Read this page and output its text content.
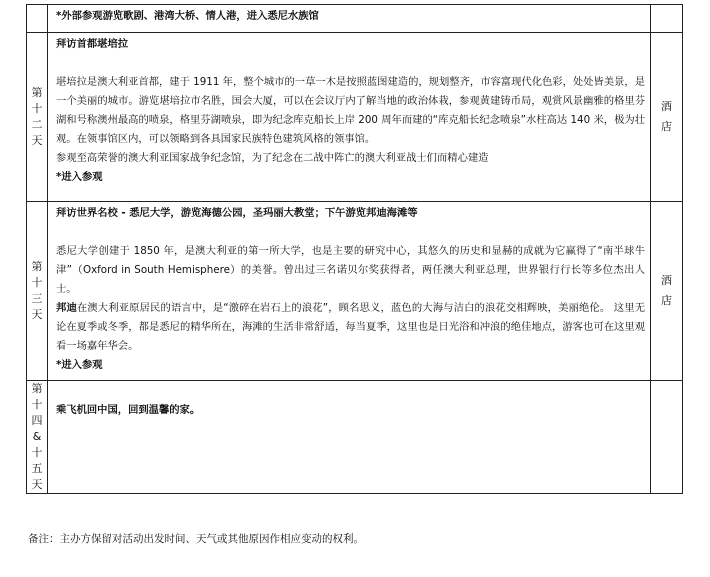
	*外部参观游览歌剧、港湾大桥、情人港，进入悉尼水族馆	

第十二天	拜访首都堪培拉

堪培拉是澳大利亚首都，建于 1911 年，整个城市的一草一木是按照蓝图建造的，规划整齐，市容富现代化色彩，处处皆美景，是一个美丽的城市。游览堪培拉市名胜，国会大厦，可以在会议厅内了解当地的政治体栽，参观黄建铸币局，观赏风景幽雅的格里芬湖和号称澳州最高的喷泉，格里芬湖喷泉，即为纪念库克船长上岸 200 周年而建的“库克船长纪念喷泉”水柱高达 140 米，极为壮观。在领事馆区内，可以领略到各具国家民族特色建筑风格的领事馆。

参观至高荣誉的澳大利亚国家战争纪念馆，为了纪念在二战中阵亡的澳大利亚战士们而精心建造

*进入参观	酒店

第十三天	拜访世界名校 - 悉尼大学，游览海德公园，圣玛丽大教堂；下午游览邦迪海滩等

悉尼大学创建于 1850 年，是澳大利亚的第一所大学，也是主要的研究中心，其悠久的历史和显赫的成就为它赢得了“南半球牛津”（Oxford in South Hemisphere）的美誉。曾出过三名诺贝尔奖获得者，两任澳大利亚总理，世界银行行长等多位杰出人士。

邦迪在澳大利亚原居民的语言中，是“激碎在岩石上的浪花”，顾名思义，蓝色的大海与洁白的浪花交相辉映，美丽绝伦。 这里无论在夏季或冬季，都是悉尼的精华所在，海滩的生活非常舒适，每当夏季，这里也是日光浴和冲浪的绝佳地点，游客也可在这里观看一场嘉年华会。

*进入参观	酒店

第十四&十五天	乘飞机回中国，回到温馨的家。	

备注：主办方保留对活动出发时间、天气或其他原因作相应变动的权利。
